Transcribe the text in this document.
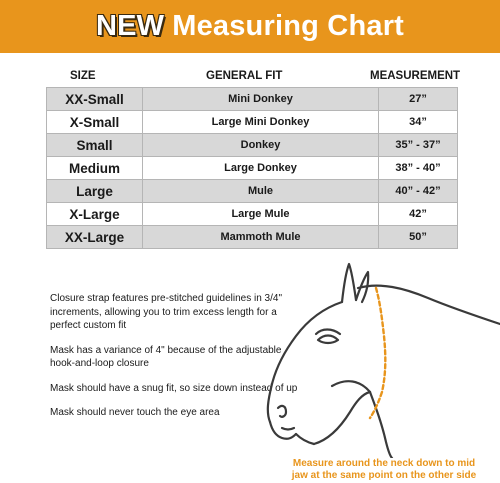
NEW Measuring Chart
SIZE	GENERAL FIT	MEASUREMENT
XX-Small	Mini Donkey	27”
X-Small	Large Mini Donkey	34”
Small	Donkey	35” - 37”
Medium	Large Donkey	38” - 40”
Large	Mule	40” - 42”
X-Large	Large Mule	42”
XX-Large	Mammoth Mule	50”

Closure strap features pre-stitched guidelines in 3/4" increments, allowing you to trim excess length for a perfect custom fit

Mask has a variance of 4" because of the adjustable hook-and-loop closure

Mask should have a snug fit, so size down instead of up

Mask should never touch the eye area

Measure around the neck down to mid
jaw at the same point on the other side
